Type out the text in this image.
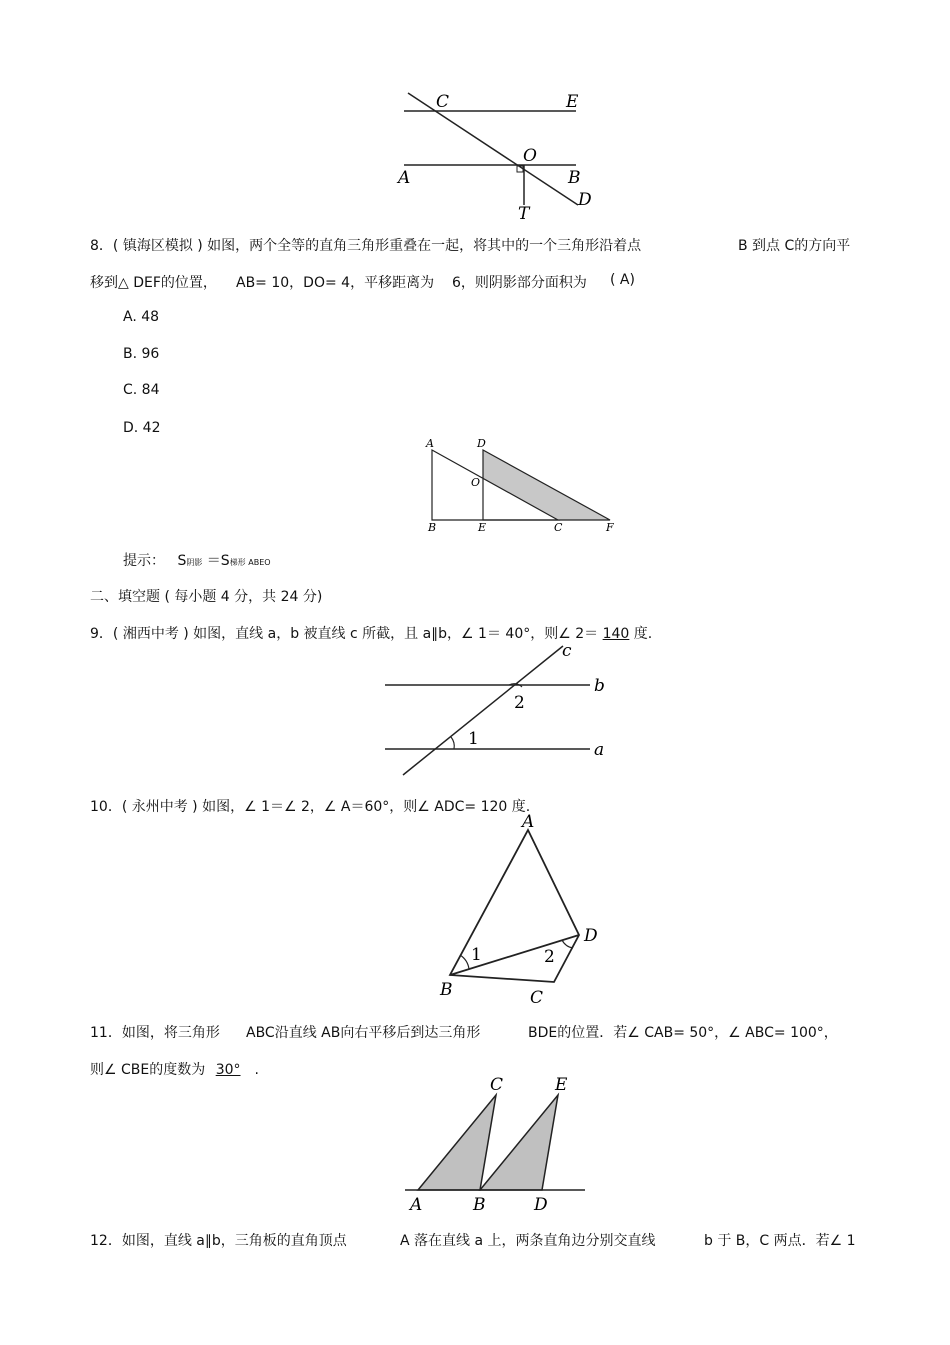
C	E
O
A	B
D
T
8．( 镇海区模拟 ) 如图，两个全等的直角三角形重叠在一起，将其中的一个三角形沿着点	B 到点 C的方向平
移到△ DEF的位置， AB= 10，DO= 4，平移距离为 6，则阴影部分面积为 ( A)
A. 48
B. 96
C. 84
D. 42
A	D
O
B	E	C	F
提示： S阴影 ＝S梯形 ABEO
二、填空题 ( 每小题 4 分，共 24 分)
9．( 湘西中考 ) 如图，直线 a，b 被直线 c 所截，且 a∥b，∠ 1＝ 40°，则∠ 2＝ 140 度.
c
b
a
1
2
10．( 永州中考 ) 如图，∠ 1＝∠ 2，∠ A＝60°，则∠ ADC= 120 度.
A
D
B	C
1	2
11．如图，将三角形 ABC沿直线 AB向右平移后到达三角形	BDE的位置．若∠ CAB= 50°，∠ ABC= 100°，
则∠ CBE的度数为 30° .
C	E
A	B	D
12．如图，直线 a∥b，三角板的直角顶点	A 落在直线 a 上，两条直角边分别交直线	b 于 B，C 两点．若∠ 1
